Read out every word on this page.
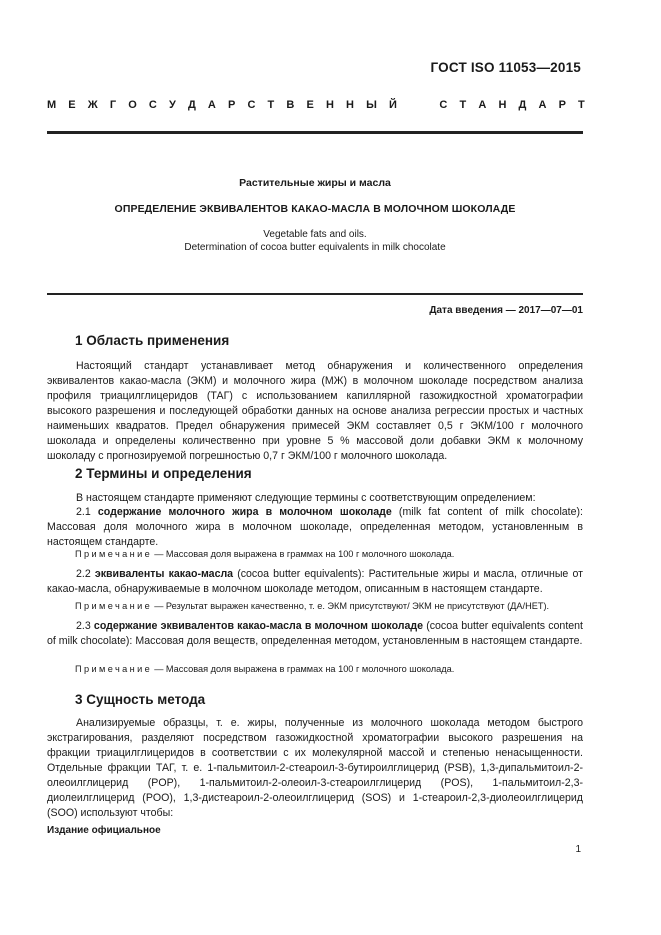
ГОСТ ISO 11053—2015
М Е Ж Г О С У Д А Р С Т В Е Н Н Ы Й

	С Т А Н Д А Р Т
Растительные жиры и масла
ОПРЕДЕЛЕНИЕ ЭКВИВАЛЕНТОВ КАКАО-МАСЛА В МОЛОЧНОМ ШОКОЛАДЕ
Vegetable fats and oils.
Determination of cocoa butter equivalents in milk chocolate
Дата введения — 2017—07—01
1 Область применения
Настоящий стандарт устанавливает метод обнаружения и количественного определения эквивалентов какао-масла (ЭКМ) и молочного жира (МЖ) в молочном шоколаде посредством анализа профиля триацилглицеридов (ТАГ) с использованием капиллярной газожидкостной хроматографии высокого разрешения и последующей обработки данных на основе анализа регрессии простых и частных наименьших квадратов. Предел обнаружения примесей ЭКМ составляет 0,5 г ЭКМ/100 г молочного шоколада и определены количественно при уровне 5 % массовой доли добавки ЭКМ к молочному шоколаду с прогнозируемой погрешностью 0,7 г ЭКМ/100 г молочного шоколада.
2 Термины и определения
В настоящем стандарте применяют следующие термины с соответствующим определением:
2.1 содержание молочного жира в молочном шоколаде (milk fat content of milk chocolate): Массовая доля молочного жира в молочном шоколаде, определенная методом, установленным в настоящем стандарте.
Примечание — Массовая доля выражена в граммах на 100 г молочного шоколада.
2.2 эквиваленты какао-масла (cocoa butter equivalents): Растительные жиры и масла, отличные от какао-масла, обнаруживаемые в молочном шоколаде методом, описанным в настоящем стандарте.
Примечание — Результат выражен качественно, т. е. ЭКМ присутствуют/ ЭКМ не присутствуют (ДА/НЕТ).
2.3 содержание эквивалентов какао-масла в молочном шоколаде (cocoa butter equivalents content of milk chocolate): Массовая доля веществ, определенная методом, установленным в настоящем стандарте.
Примечание — Массовая доля выражена в граммах на 100 г молочного шоколада.
3 Сущность метода
Анализируемые образцы, т. е. жиры, полученные из молочного шоколада методом быстрого экстрагирования, разделяют посредством газожидкостной хроматографии высокого разрешения на фракции триацилглицеридов в соответствии с их молекулярной массой и степенью ненасыщенности. Отдельные фракции ТАГ, т. е. 1-пальмитоил-2-стеароил-3-бутироилглицерид (PSB), 1,3-дипальмитоил-2-олеоилглицерид (POP), 1-пальмитоил-2-олеоил-3-стеароилглицерид (POS), 1-пальмитоил-2,3-диолеилглицерид (POO), 1,3-дистеароил-2-олеоилглицерид (SOS) и 1-стеароил-2,3-диолеоилглицерид (SOO) используют чтобы:
Издание официальное
1
